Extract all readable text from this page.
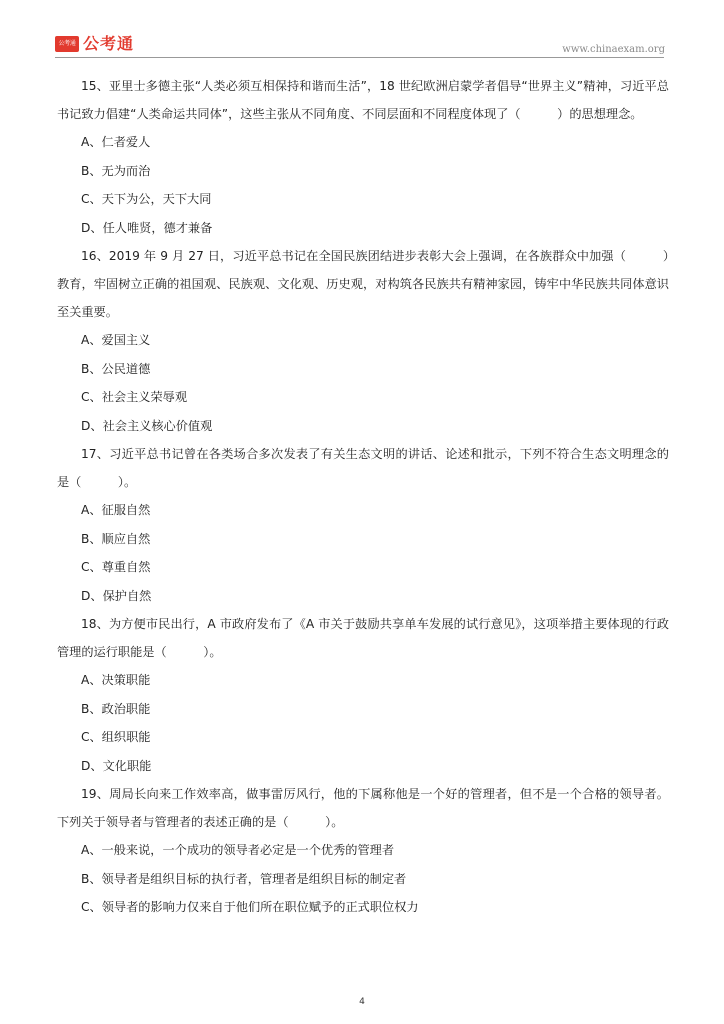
公考通 公考通	www.chinaexam.org

15、亚里士多德主张“人类必须互相保持和谐而生活”，18 世纪欧洲启蒙学者倡导“世界主义”精神，习近平总书记致力倡建“人类命运共同体”，这些主张从不同角度、不同层面和不同程度体现了（　　　）的思想理念。

A、仁者爱人

B、无为而治

C、天下为公，天下大同

D、任人唯贤，德才兼备

16、2019 年 9 月 27 日，习近平总书记在全国民族团结进步表彰大会上强调，在各族群众中加强（　　　）教育，牢固树立正确的祖国观、民族观、文化观、历史观，对构筑各民族共有精神家园，铸牢中华民族共同体意识至关重要。

A、爱国主义

B、公民道德

C、社会主义荣辱观

D、社会主义核心价值观

17、习近平总书记曾在各类场合多次发表了有关生态文明的讲话、论述和批示，下列不符合生态文明理念的是（　　　）。

A、征服自然

B、顺应自然

C、尊重自然

D、保护自然

18、为方便市民出行，A 市政府发布了《A 市关于鼓励共享单车发展的试行意见》，这项举措主要体现的行政管理的运行职能是（　　　）。

A、决策职能

B、政治职能

C、组织职能

D、文化职能

19、周局长向来工作效率高，做事雷厉风行，他的下属称他是一个好的管理者，但不是一个合格的领导者。下列关于领导者与管理者的表述正确的是（　　　）。

A、一般来说，一个成功的领导者必定是一个优秀的管理者

B、领导者是组织目标的执行者，管理者是组织目标的制定者

C、领导者的影响力仅来自于他们所在职位赋予的正式职位权力

4
